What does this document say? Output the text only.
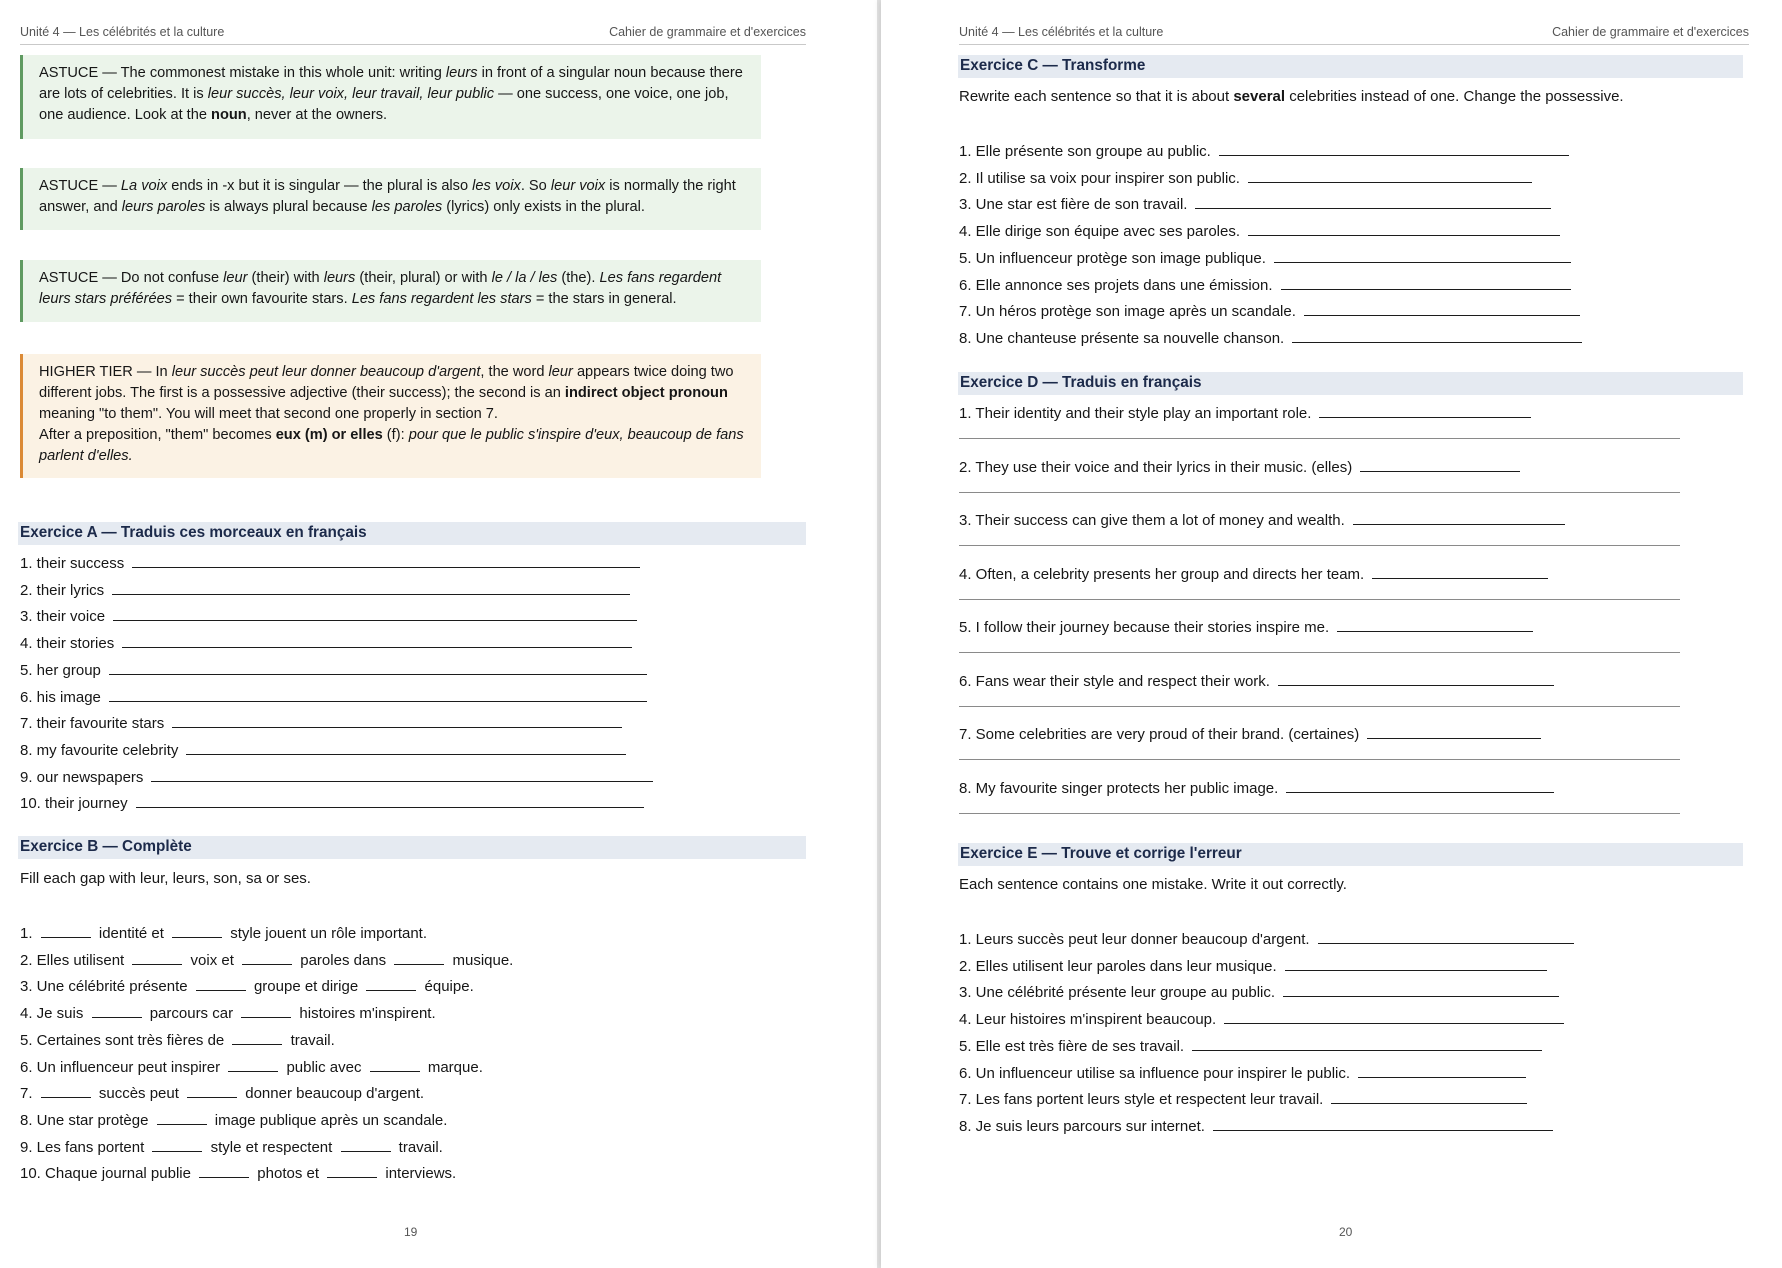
Unité 4 — Les célébrités et la culture	Cahier de grammaire et d'exercices

ASTUCE — The commonest mistake in this whole unit: writing leurs in front of a singular noun because there are lots of celebrities. It is leur succès, leur voix, leur travail, leur public — one success, one voice, one job, one audience. Look at the noun, never at the owners.

ASTUCE — La voix ends in -x but it is singular — the plural is also les voix. So leur voix is normally the right answer, and leurs paroles is always plural because les paroles (lyrics) only exists in the plural.

ASTUCE — Do not confuse leur (their) with leurs (their, plural) or with le / la / les (the). Les fans regardent leurs stars préférées = their own favourite stars. Les fans regardent les stars = the stars in general.

HIGHER TIER — In leur succès peut leur donner beaucoup d'argent, the word leur appears twice doing two different jobs. The first is a possessive adjective (their success); the second is an indirect object pronoun meaning "to them". You will meet that second one properly in section 7.

After a preposition, "them" becomes eux (m) or elles (f): pour que le public s'inspire d'eux, beaucoup de fans parlent d'elles.

Exercice A — Traduis ces morceaux en français
1. their success
2. their lyrics
3. their voice
4. their stories
5. her group
6. his image
7. their favourite stars
8. my favourite celebrity
9. our newspapers
10. their journey
Exercice B — Complète
Fill each gap with leur, leurs, son, sa or ses.
1.	identité et	style jouent un rôle important.
2. Elles utilisent	voix et	paroles dans	musique.
3. Une célébrité présente	groupe et dirige	équipe.
4. Je suis	parcours car	histoires m'inspirent.
5. Certaines sont très fières de	travail.
6. Un influenceur peut inspirer	public avec	marque.
7.	succès peut	donner beaucoup d'argent.
8. Une star protège	image publique après un scandale.
9. Les fans portent	style et respectent	travail.
10. Chaque journal publie	photos et	interviews.
19
Unité 4 — Les célébrités et la culture	Cahier de grammaire et d'exercices
Exercice C — Transforme
Rewrite each sentence so that it is about several celebrities instead of one. Change the possessive.
1. Elle présente son groupe au public.
2. Il utilise sa voix pour inspirer son public.
3. Une star est fière de son travail.
4. Elle dirige son équipe avec ses paroles.
5. Un influenceur protège son image publique.
6. Elle annonce ses projets dans une émission.
7. Un héros protège son image après un scandale.
8. Une chanteuse présente sa nouvelle chanson.
Exercice D — Traduis en français
1. Their identity and their style play an important role.
2. They use their voice and their lyrics in their music. (elles)
3. Their success can give them a lot of money and wealth.
4. Often, a celebrity presents her group and directs her team.
5. I follow their journey because their stories inspire me.
6. Fans wear their style and respect their work.
7. Some celebrities are very proud of their brand. (certaines)
8. My favourite singer protects her public image.
Exercice E — Trouve et corrige l'erreur
Each sentence contains one mistake. Write it out correctly.
1. Leurs succès peut leur donner beaucoup d'argent.
2. Elles utilisent leur paroles dans leur musique.
3. Une célébrité présente leur groupe au public.
4. Leur histoires m'inspirent beaucoup.
5. Elle est très fière de ses travail.
6. Un influenceur utilise sa influence pour inspirer le public.
7. Les fans portent leurs style et respectent leur travail.
8. Je suis leurs parcours sur internet.
20
